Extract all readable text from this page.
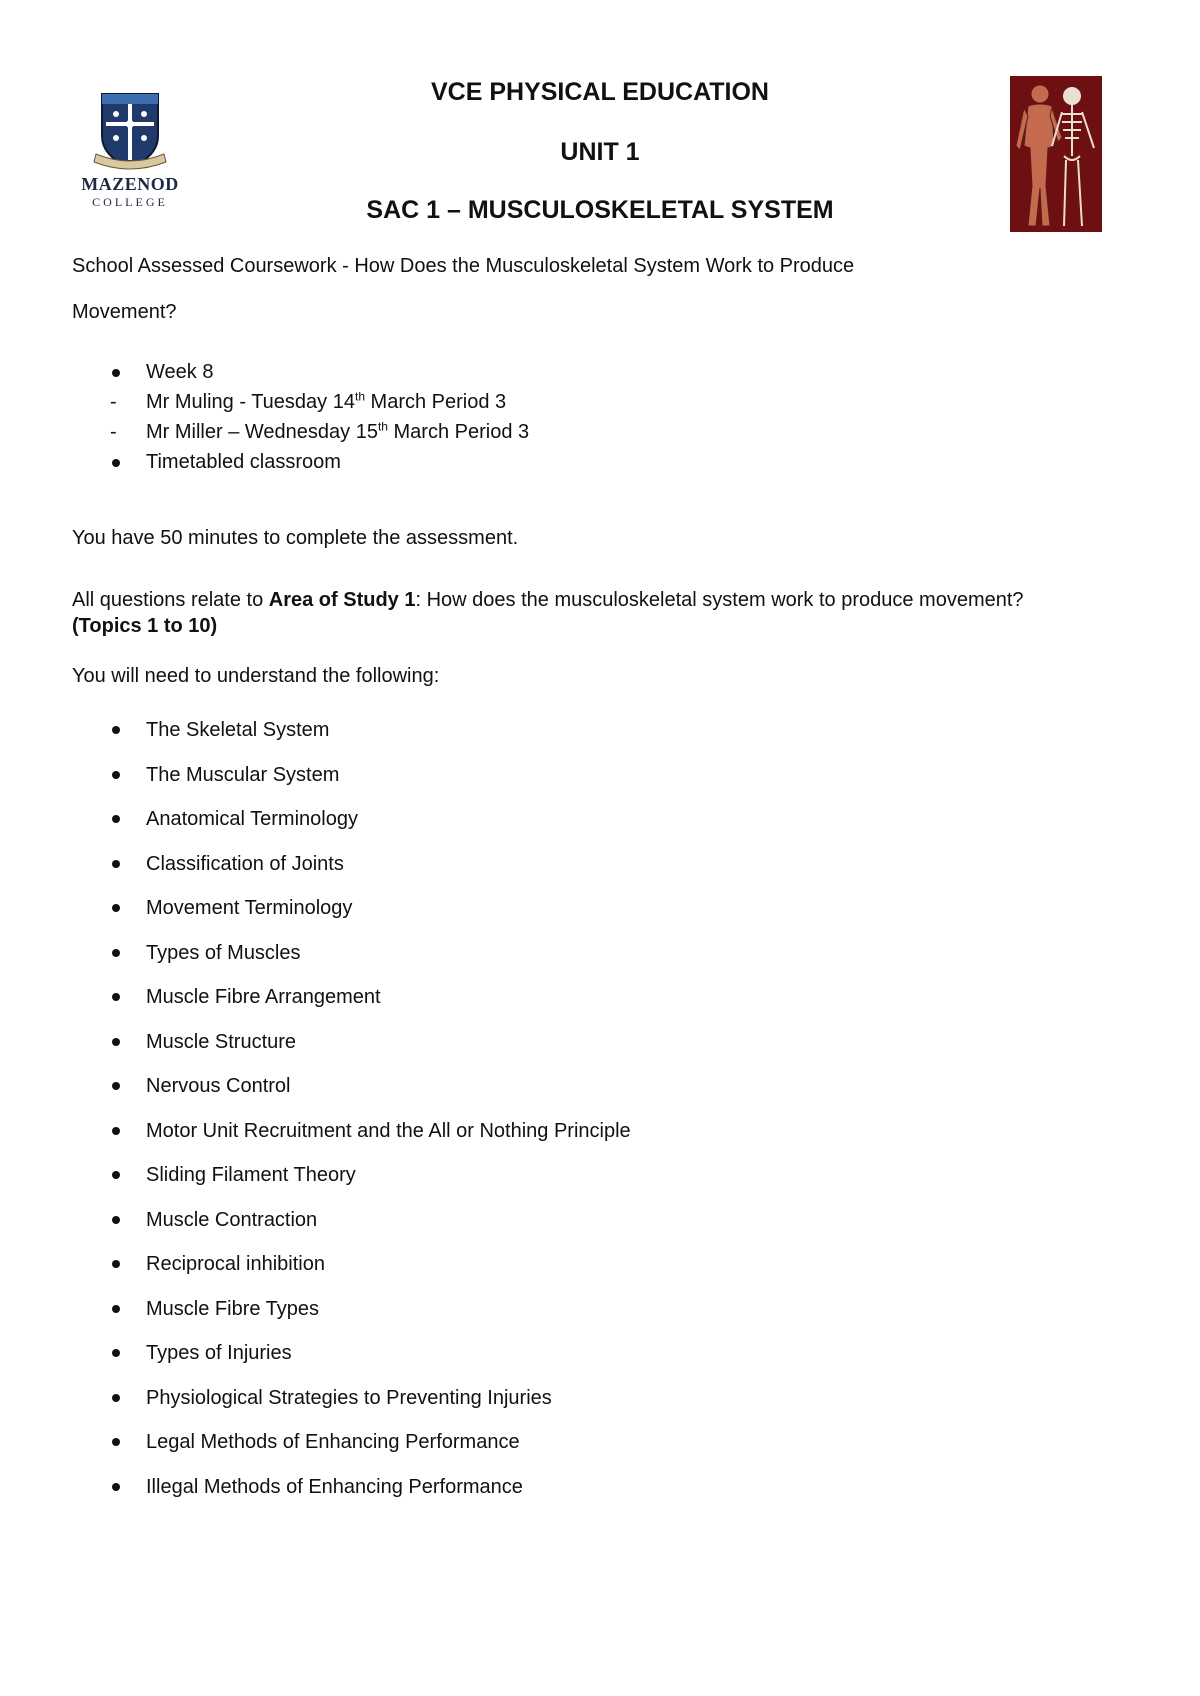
MAZENOD
COLLEGE
VCE PHYSICAL EDUCATION
UNIT 1
SAC 1 – MUSCULOSKELETAL SYSTEM
School Assessed Coursework - How Does the Musculoskeletal System Work to Produce
Movement?
Week 8
- Mr Muling - Tuesday 14th March Period 3
- Mr Miller – Wednesday 15th March Period 3
Timetabled classroom
You have 50 minutes to complete the assessment.
All questions relate to Area of Study 1: How does the musculoskeletal system work to produce movement?
(Topics 1 to 10)
You will need to understand the following:
The Skeletal System
The Muscular System
Anatomical Terminology
Classification of Joints
Movement Terminology
Types of Muscles
Muscle Fibre Arrangement
Muscle Structure
Nervous Control
Motor Unit Recruitment and the All or Nothing Principle
Sliding Filament Theory
Muscle Contraction
Reciprocal inhibition
Muscle Fibre Types
Types of Injuries
Physiological Strategies to Preventing Injuries
Legal Methods of Enhancing Performance
Illegal Methods of Enhancing Performance
